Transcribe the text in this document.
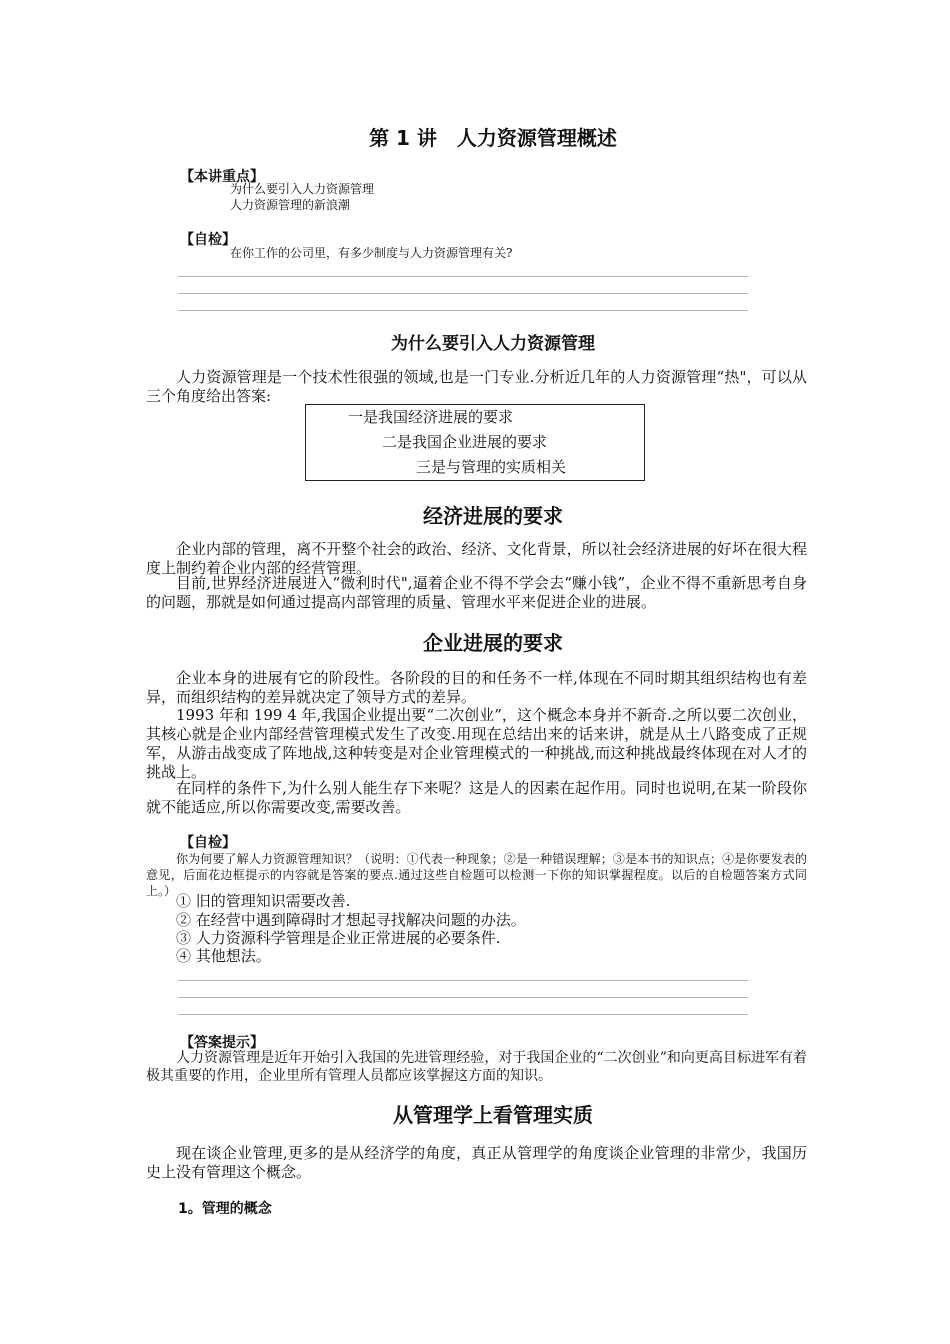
第 1 讲　人力资源管理概述
【本讲重点】
为什么要引入人力资源管理
人力资源管理的新浪潮
【自检】
在你工作的公司里，有多少制度与人力资源管理有关?
为什么要引入人力资源管理
人力资源管理是一个技术性很强的领域,也是一门专业.分析近几年的人力资源管理“热"，可以从三个角度给出答案:
一是我国经济进展的要求
二是我国企业进展的要求
三是与管理的实质相关
经济进展的要求
企业内部的管理，离不开整个社会的政治、经济、文化背景，所以社会经济进展的好坏在很大程度上制约着企业内部的经营管理。
目前,世界经济进展进入“微利时代",逼着企业不得不学会去“赚小钱”，企业不得不重新思考自身的问题，那就是如何通过提高内部管理的质量、管理水平来促进企业的进展。
企业进展的要求
企业本身的进展有它的阶段性。各阶段的目的和任务不一样,体现在不同时期其组织结构也有差异，而组织结构的差异就决定了领导方式的差异。
1993 年和 199 4 年,我国企业提出要“二次创业”，这个概念本身并不新奇.之所以要二次创业，其核心就是企业内部经营管理模式发生了改变.用现在总结出来的话来讲，就是从土八路变成了正规军，从游击战变成了阵地战,这种转变是对企业管理模式的一种挑战,而这种挑战最终体现在对人才的挑战上。
在同样的条件下,为什么别人能生存下来呢？这是人的因素在起作用。同时也说明,在某一阶段你就不能适应,所以你需要改变,需要改善。
【自检】
你为何要了解人力资源管理知识？（说明：①代表一种现象；②是一种错误理解；③是本书的知识点；④是你要发表的意见，后面花边框提示的内容就是答案的要点.通过这些自检题可以检测一下你的知识掌握程度。以后的自检题答案方式同上。）
① 旧的管理知识需要改善.
② 在经营中遇到障碍时才想起寻找解决问题的办法。
③ 人力资源科学管理是企业正常进展的必要条件.
④ 其他想法。
【答案提示】
人力资源管理是近年开始引入我国的先进管理经验，对于我国企业的“二次创业”和向更高目标进军有着极其重要的作用，企业里所有管理人员都应该掌握这方面的知识。
从管理学上看管理实质
现在谈企业管理,更多的是从经济学的角度，真正从管理学的角度谈企业管理的非常少，我国历史上没有管理这个概念。
1。管理的概念
